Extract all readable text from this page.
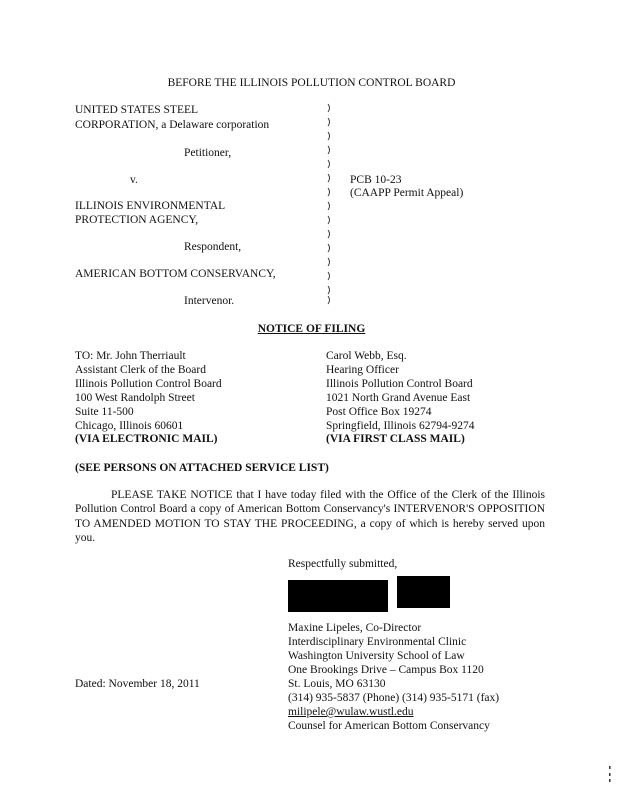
BEFORE THE ILLINOIS POLLUTION CONTROL BOARD
UNITED STATES STEEL
CORPORATION, a Delaware corporation
Petitioner,
v.
ILLINOIS ENVIRONMENTAL
PROTECTION AGENCY,
Respondent,
AMERICAN BOTTOM CONSERVANCY,
Intervenor.
PCB 10-23
(CAAPP Permit Appeal)
NOTICE OF FILING
TO: Mr. John Therriault
Assistant Clerk of the Board
Illinois Pollution Control Board
100 West Randolph Street
Suite 11-500
Chicago, Illinois 60601
(VIA ELECTRONIC MAIL)
Carol Webb, Esq.
Hearing Officer
Illinois Pollution Control Board
1021 North Grand Avenue East
Post Office Box 19274
Springfield, Illinois 62794-9274
(VIA FIRST CLASS MAIL)
(SEE PERSONS ON ATTACHED SERVICE LIST)
PLEASE TAKE NOTICE that I have today filed with the Office of the Clerk of the Illinois Pollution Control Board a copy of American Bottom Conservancy's INTERVENOR'S OPPOSITION TO AMENDED MOTION TO STAY THE PROCEEDING, a copy of which is hereby served upon you.
Respectfully submitted,
Maxine Lipeles, Co-Director
Interdisciplinary Environmental Clinic
Washington University School of Law
One Brookings Drive – Campus Box 1120
St. Louis, MO 63130
(314) 935-5837 (Phone) (314) 935-5171 (fax)
milipele@wulaw.wustl.edu
Counsel for American Bottom Conservancy
Dated: November 18, 2011
